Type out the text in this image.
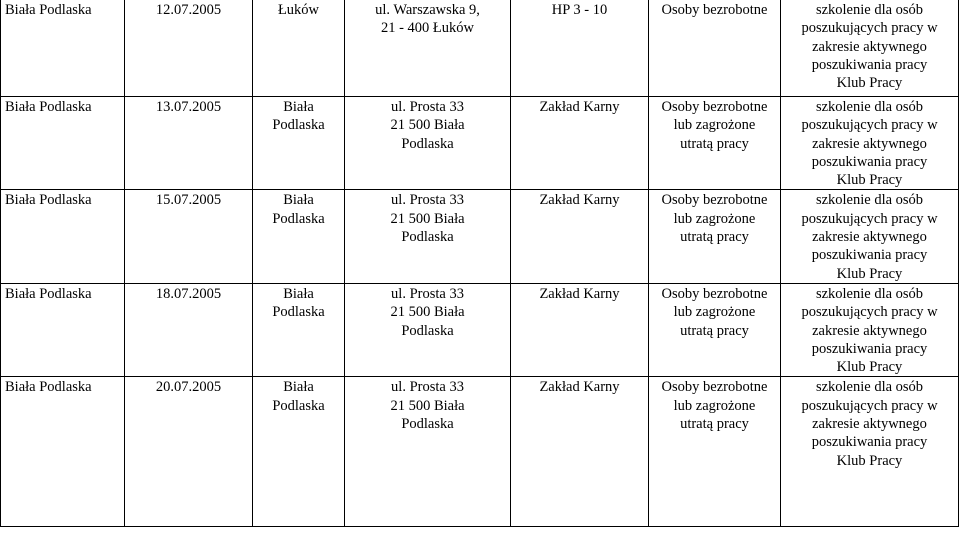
Biała Podlaska	12.07.2005	Łuków	ul. Warszawska 9,
21 - 400 Łuków	HP 3 - 10	Osoby bezrobotne	szkolenie dla osób
poszukujących pracy w
zakresie aktywnego
poszukiwania pracy
Klub Pracy

Biała Podlaska	13.07.2005	Biała
Podlaska	ul. Prosta 33
21 500 Biała
Podlaska	Zakład Karny	Osoby bezrobotne
lub zagrożone
utratą pracy	szkolenie dla osób
poszukujących pracy w
zakresie aktywnego
poszukiwania pracy
Klub Pracy

Biała Podlaska	15.07.2005	Biała
Podlaska	ul. Prosta 33
21 500 Biała
Podlaska	Zakład Karny	Osoby bezrobotne
lub zagrożone
utratą pracy	szkolenie dla osób
poszukujących pracy w
zakresie aktywnego
poszukiwania pracy
Klub Pracy

Biała Podlaska	18.07.2005	Biała
Podlaska	ul. Prosta 33
21 500 Biała
Podlaska	Zakład Karny	Osoby bezrobotne
lub zagrożone
utratą pracy	szkolenie dla osób
poszukujących pracy w
zakresie aktywnego
poszukiwania pracy
Klub Pracy

Biała Podlaska	20.07.2005	Biała
Podlaska	ul. Prosta 33
21 500 Biała
Podlaska	Zakład Karny	Osoby bezrobotne
lub zagrożone
utratą pracy	szkolenie dla osób
poszukujących pracy w
zakresie aktywnego
poszukiwania pracy
Klub Pracy
